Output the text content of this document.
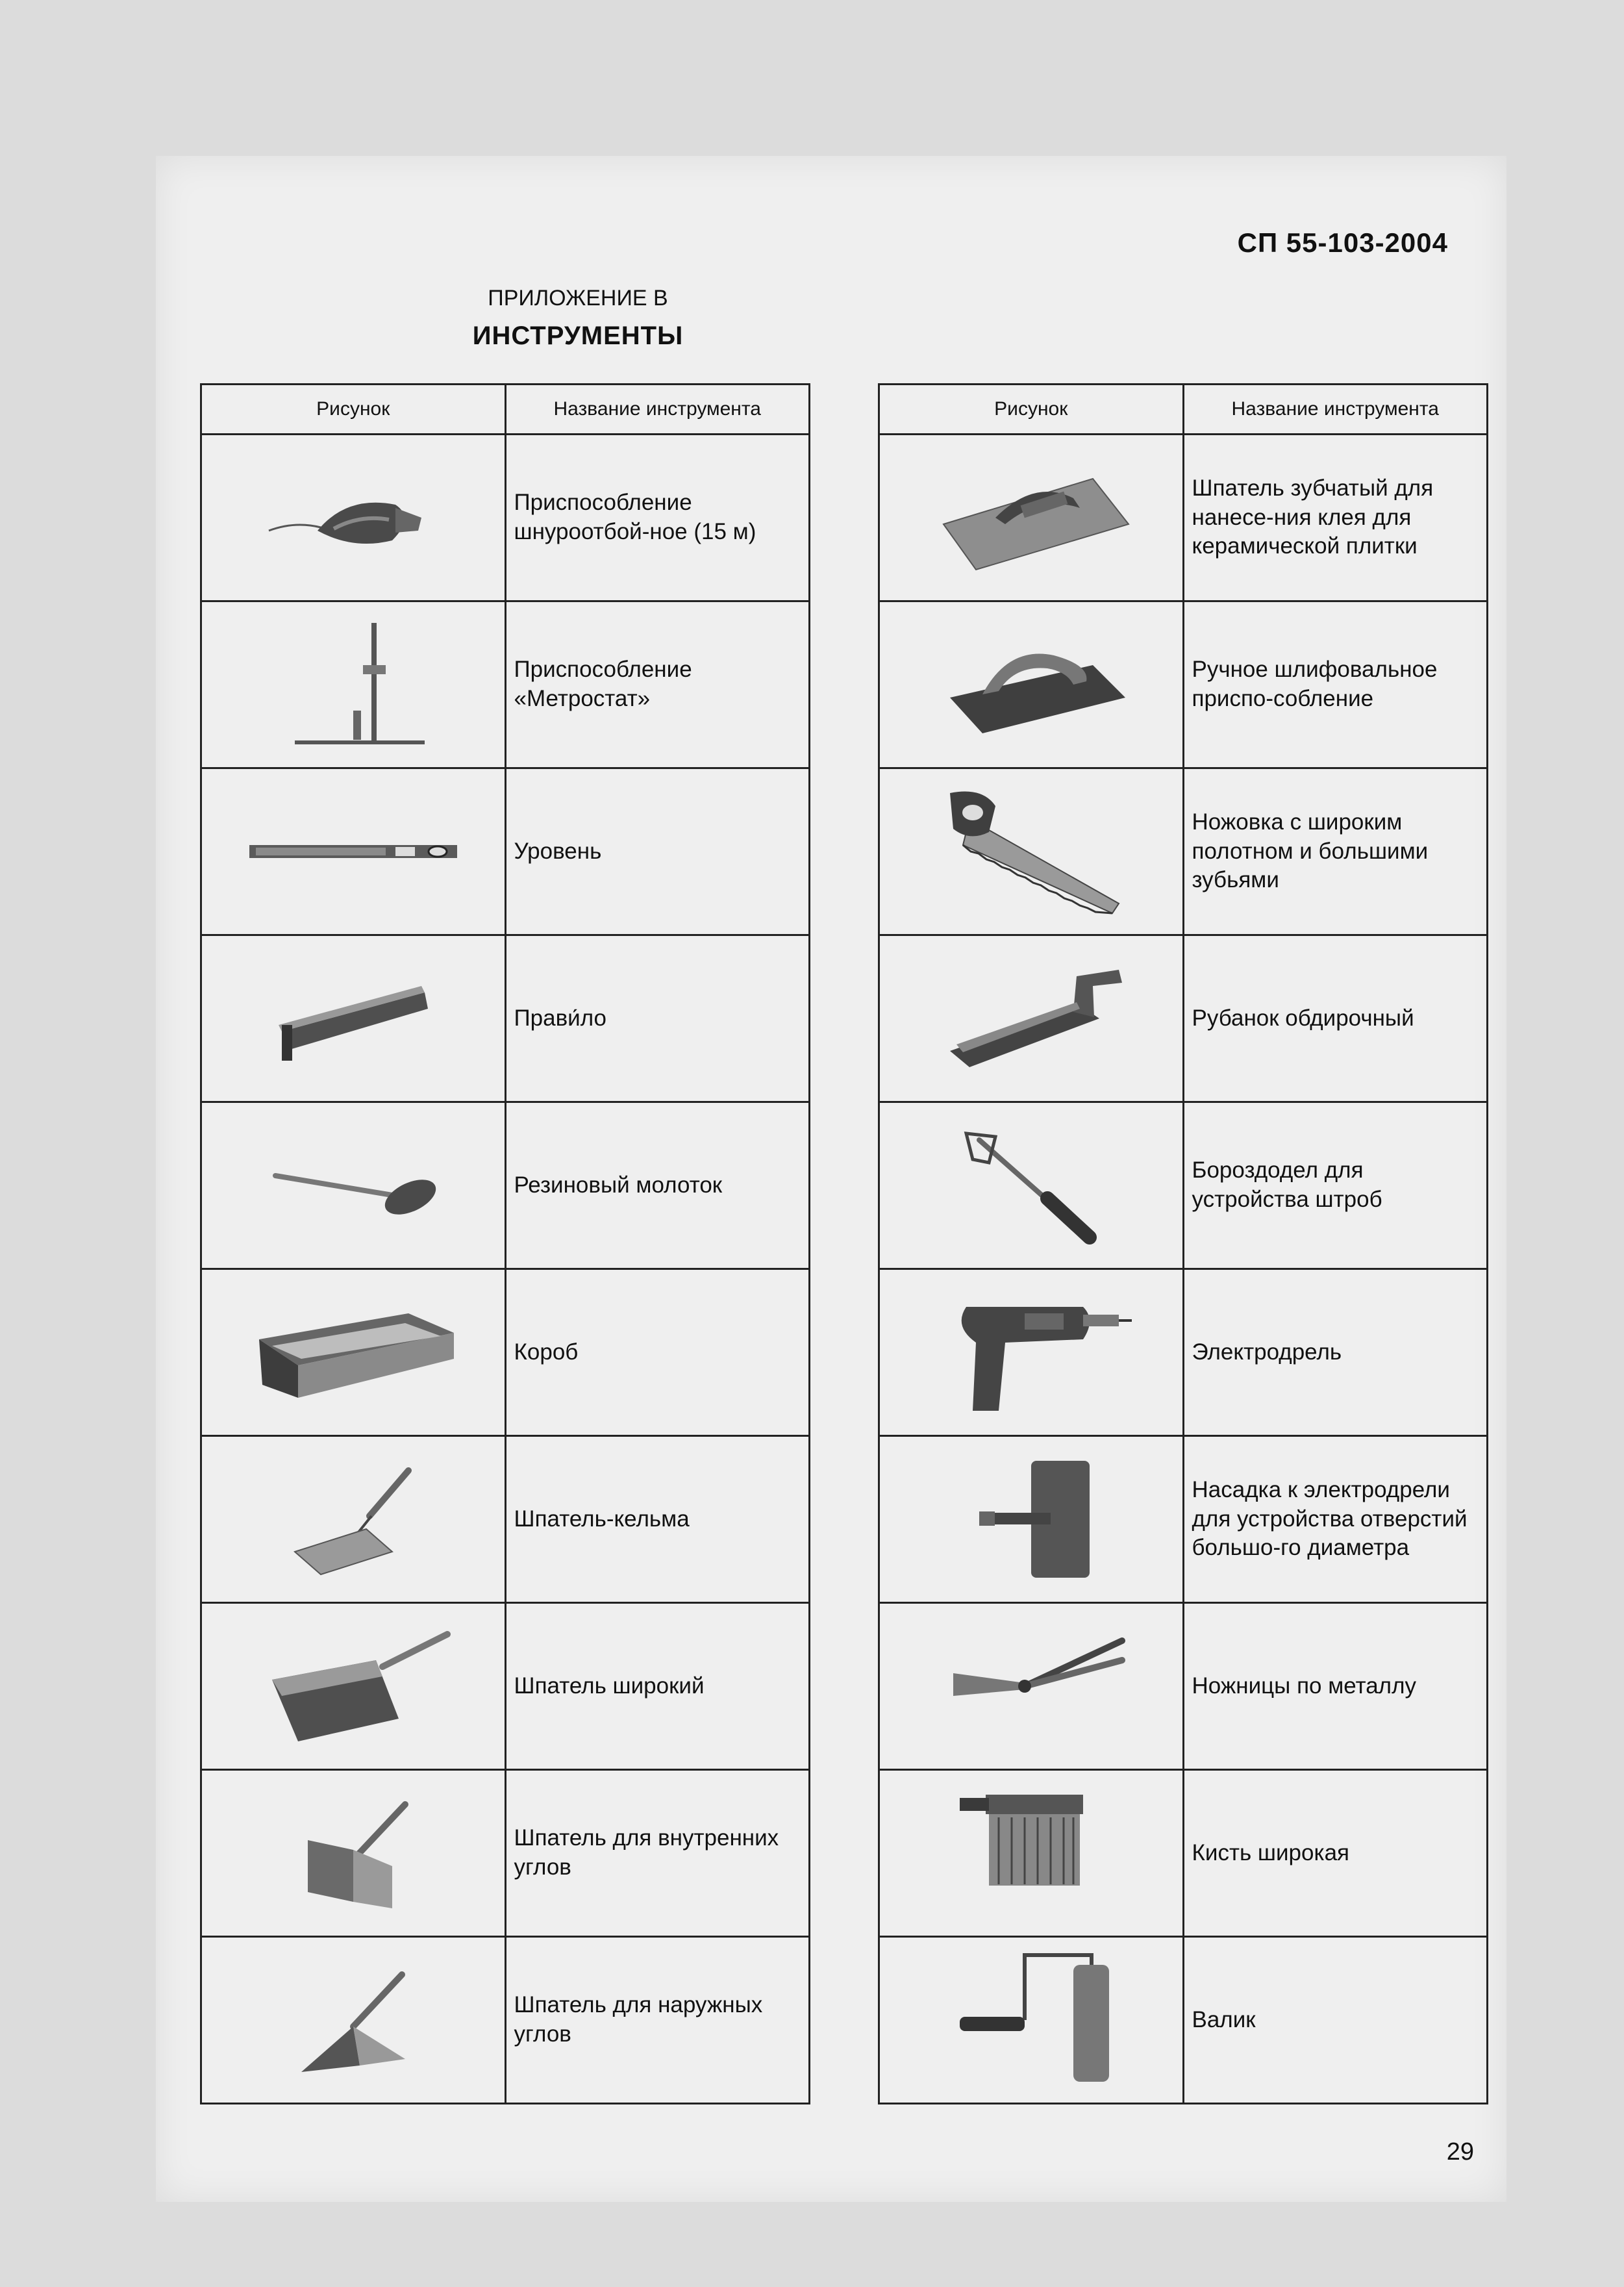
СП 55-103-2004
ПРИЛОЖЕНИЕ В
ИНСТРУМЕНТЫ
Рисунок	Название инструмента

	Приспособление шнуроотбой-ное (15 м)

	Приспособление «Метростат»

	Уровень

	Прави́ло

	Резиновый молоток

	Короб

	Шпатель-кельма

	Шпатель широкий

	Шпатель для внутренних углов

	Шпатель для наружных углов
Рисунок	Название инструмента

	Шпатель зубчатый для нанесе-ния клея для керамической плитки

	Ручное шлифовальное приспо-собление

	Ножовка с широким полотном и большими зубьями

	Рубанок обдирочный

	Бороздодел для устройства штроб

	Электродрель

	Насадка к электродрели для устройства отверстий большо-го диаметра

	Ножницы по металлу

	Кисть широкая

	Валик
29
